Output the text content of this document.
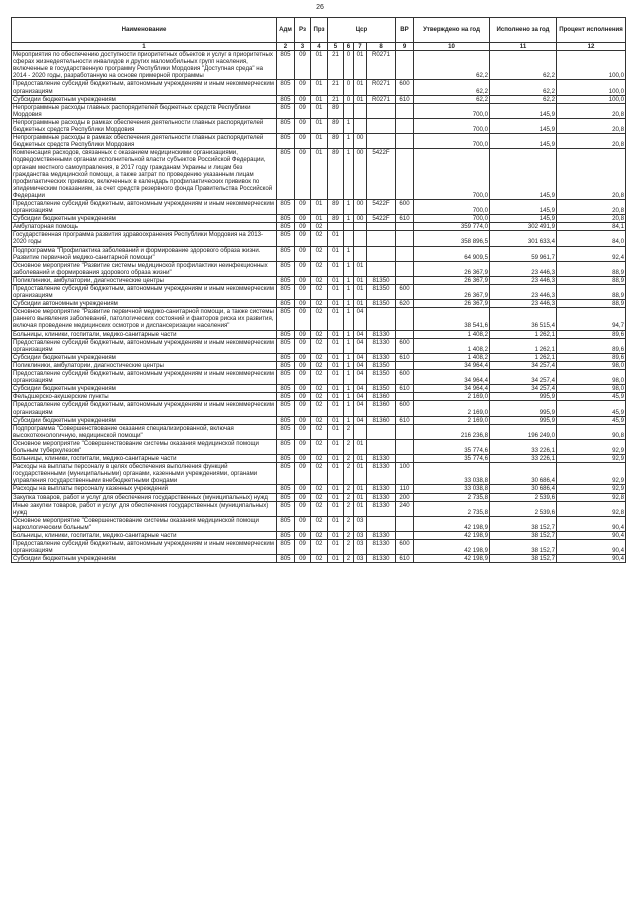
26
Наименование	Адм	Рз	Прз	Цср				ВР	Утверждено на год	Исполнено за год	Процент исполнения
1	2	3	4	5	6	7	8	9	10	11	12
Мероприятия по обеспечению доступности приоритетных объектов и услуг в приоритетных сферах жизнедеятельности инвалидов и других маломобильных групп населения, включенные в государственную программу Республики Мордовия "Доступная среда" на 2014 - 2020 годы, разработанную на основе примерной программы	805	09	01	21	0	01	R0271		62,2	62,2	100,0
Предоставление субсидий бюджетным, автономным учреждениям и иным некоммерческим организациям	805	09	01	21	0	01	R0271	600	62,2	62,2	100,0
Субсидии бюджетным учреждениям	805	09	01	21	0	01	R0271	610	62,2	62,2	100,0
Непрограммные расходы главных распорядителей бюджетных средств Республики Мордовия	805	09	01	89					700,0	145,9	20,8
Непрограммные расходы в рамках обеспечения деятельности главных распорядителей бюджетных средств Республики Мордовия	805	09	01	89	1				700,0	145,9	20,8
Непрограммные расходы в рамках обеспечения деятельности главных распорядителей бюджетных средств Республики Мордовия	805	09	01	89	1	00			700,0	145,9	20,8
Компенсация расходов, связанных с оказанием медицинскими организациями, подведомственными органам исполнительной власти субъектов Российской Федерации, органам местного самоуправления, в 2017 году гражданам Украины и лицам без гражданства медицинской помощи, а также затрат по проведению указанным лицам профилактических прививок, включенных в календарь профилактических прививок по эпидемическим показаниям, за счет средств резервного фонда Правительства Российской Федерации	805	09	01	89	1	00	5422F		700,0	145,9	20,8
Предоставление субсидий бюджетным, автономным учреждениям и иным некоммерческим организациям	805	09	01	89	1	00	5422F	600	700,0	145,9	20,8
Субсидии бюджетным учреждениям	805	09	01	89	1	00	5422F	610	700,0	145,9	20,8
Амбулаторная помощь	805	09	02						359 774,0	302 491,9	84,1
Государственная программа развития здравоохранения Республики Мордовия на 2013-2020 годы	805	09	02	01					358 896,5	301 633,4	84,0
Подпрограмма "Профилактика заболеваний и формирование здорового образа жизни. Развитие первичной медико-санитарной помощи"	805	09	02	01	1				64 909,5	59 961,7	92,4
Основное мероприятие "Развитие системы медицинской профилактики неинфекционных заболеваний и формирования здорового образа жизни"	805	09	02	01	1	01			26 367,9	23 446,3	88,9
Поликлиники, амбулатории, диагностические центры	805	09	02	01	1	01	81350		26 367,9	23 446,3	88,9
Предоставление субсидий бюджетным, автономным учреждениям и иным некоммерческим организациям	805	09	02	01	1	01	81350	600	26 367,9	23 446,3	88,9
Субсидии автономным учреждениям	805	09	02	01	1	01	81350	620	26 367,9	23 446,3	88,9
Основное мероприятие "Развитие первичной медико-санитарной помощи, а также системы раннего выявления заболеваний, патологических состояний и факторов риска их развития, включая проведение медицинских осмотров и диспансеризации населения"	805	09	02	01	1	04			38 541,6	36 515,4	94,7
Больницы, клиники, госпитали, медико-санитарные части	805	09	02	01	1	04	81330		1 408,2	1 262,1	89,6
Предоставление субсидий бюджетным, автономным учреждениям и иным некоммерческим организациям	805	09	02	01	1	04	81330	600	1 408,2	1 262,1	89,6
Субсидии бюджетным учреждениям	805	09	02	01	1	04	81330	610	1 408,2	1 262,1	89,6
Поликлиники, амбулатории, диагностические центры	805	09	02	01	1	04	81350		34 964,4	34 257,4	98,0
Предоставление субсидий бюджетным, автономным учреждениям и иным некоммерческим организациям	805	09	02	01	1	04	81350	600	34 964,4	34 257,4	98,0
Субсидии бюджетным учреждениям	805	09	02	01	1	04	81350	610	34 964,4	34 257,4	98,0
Фельдшерско-акушерские пункты	805	09	02	01	1	04	81360		2 169,0	995,9	45,9
Предоставление субсидий бюджетным, автономным учреждениям и иным некоммерческим организациям	805	09	02	01	1	04	81360	600	2 169,0	995,9	45,9
Субсидии бюджетным учреждениям	805	09	02	01	1	04	81360	610	2 169,0	995,9	45,9
Подпрограмма "Совершенствование оказания специализированной, включая высокотехнологичную, медицинской помощи"	805	09	02	01	2				216 236,8	196 249,0	90,8
Основное мероприятие "Совершенствование системы оказания медицинской помощи больным туберкулезом"	805	09	02	01	2	01			35 774,6	33 226,1	92,9
Больницы, клиники, госпитали, медико-санитарные части	805	09	02	01	2	01	81330		35 774,6	33 226,1	92,9
Расходы на выплаты персоналу в целях обеспечения выполнения функций государственными (муниципальными) органами, казенными учреждениями, органами управления государственными внебюджетными фондами	805	09	02	01	2	01	81330	100	33 038,8	30 686,4	92,9
Расходы на выплаты персоналу казенных учреждений	805	09	02	01	2	01	81330	110	33 038,8	30 686,4	92,9
Закупка товаров, работ и услуг для обеспечения государственных (муниципальных) нужд	805	09	02	01	2	01	81330	200	2 735,8	2 539,6	92,8
Иные закупки товаров, работ и услуг для обеспечения государственных (муниципальных) нужд	805	09	02	01	2	01	81330	240	2 735,8	2 539,6	92,8
Основное мероприятие "Совершенствование системы оказания медицинской помощи наркологическим больным"	805	09	02	01	2	03			42 198,9	38 152,7	90,4
Больницы, клиники, госпитали, медико-санитарные части	805	09	02	01	2	03	81330		42 198,9	38 152,7	90,4
Предоставление субсидий бюджетным, автономным учреждениям и иным некоммерческим организациям	805	09	02	01	2	03	81330	600	42 198,9	38 152,7	90,4
Субсидии бюджетным учреждениям	805	09	02	01	2	03	81330	610	42 198,9	38 152,7	90,4
